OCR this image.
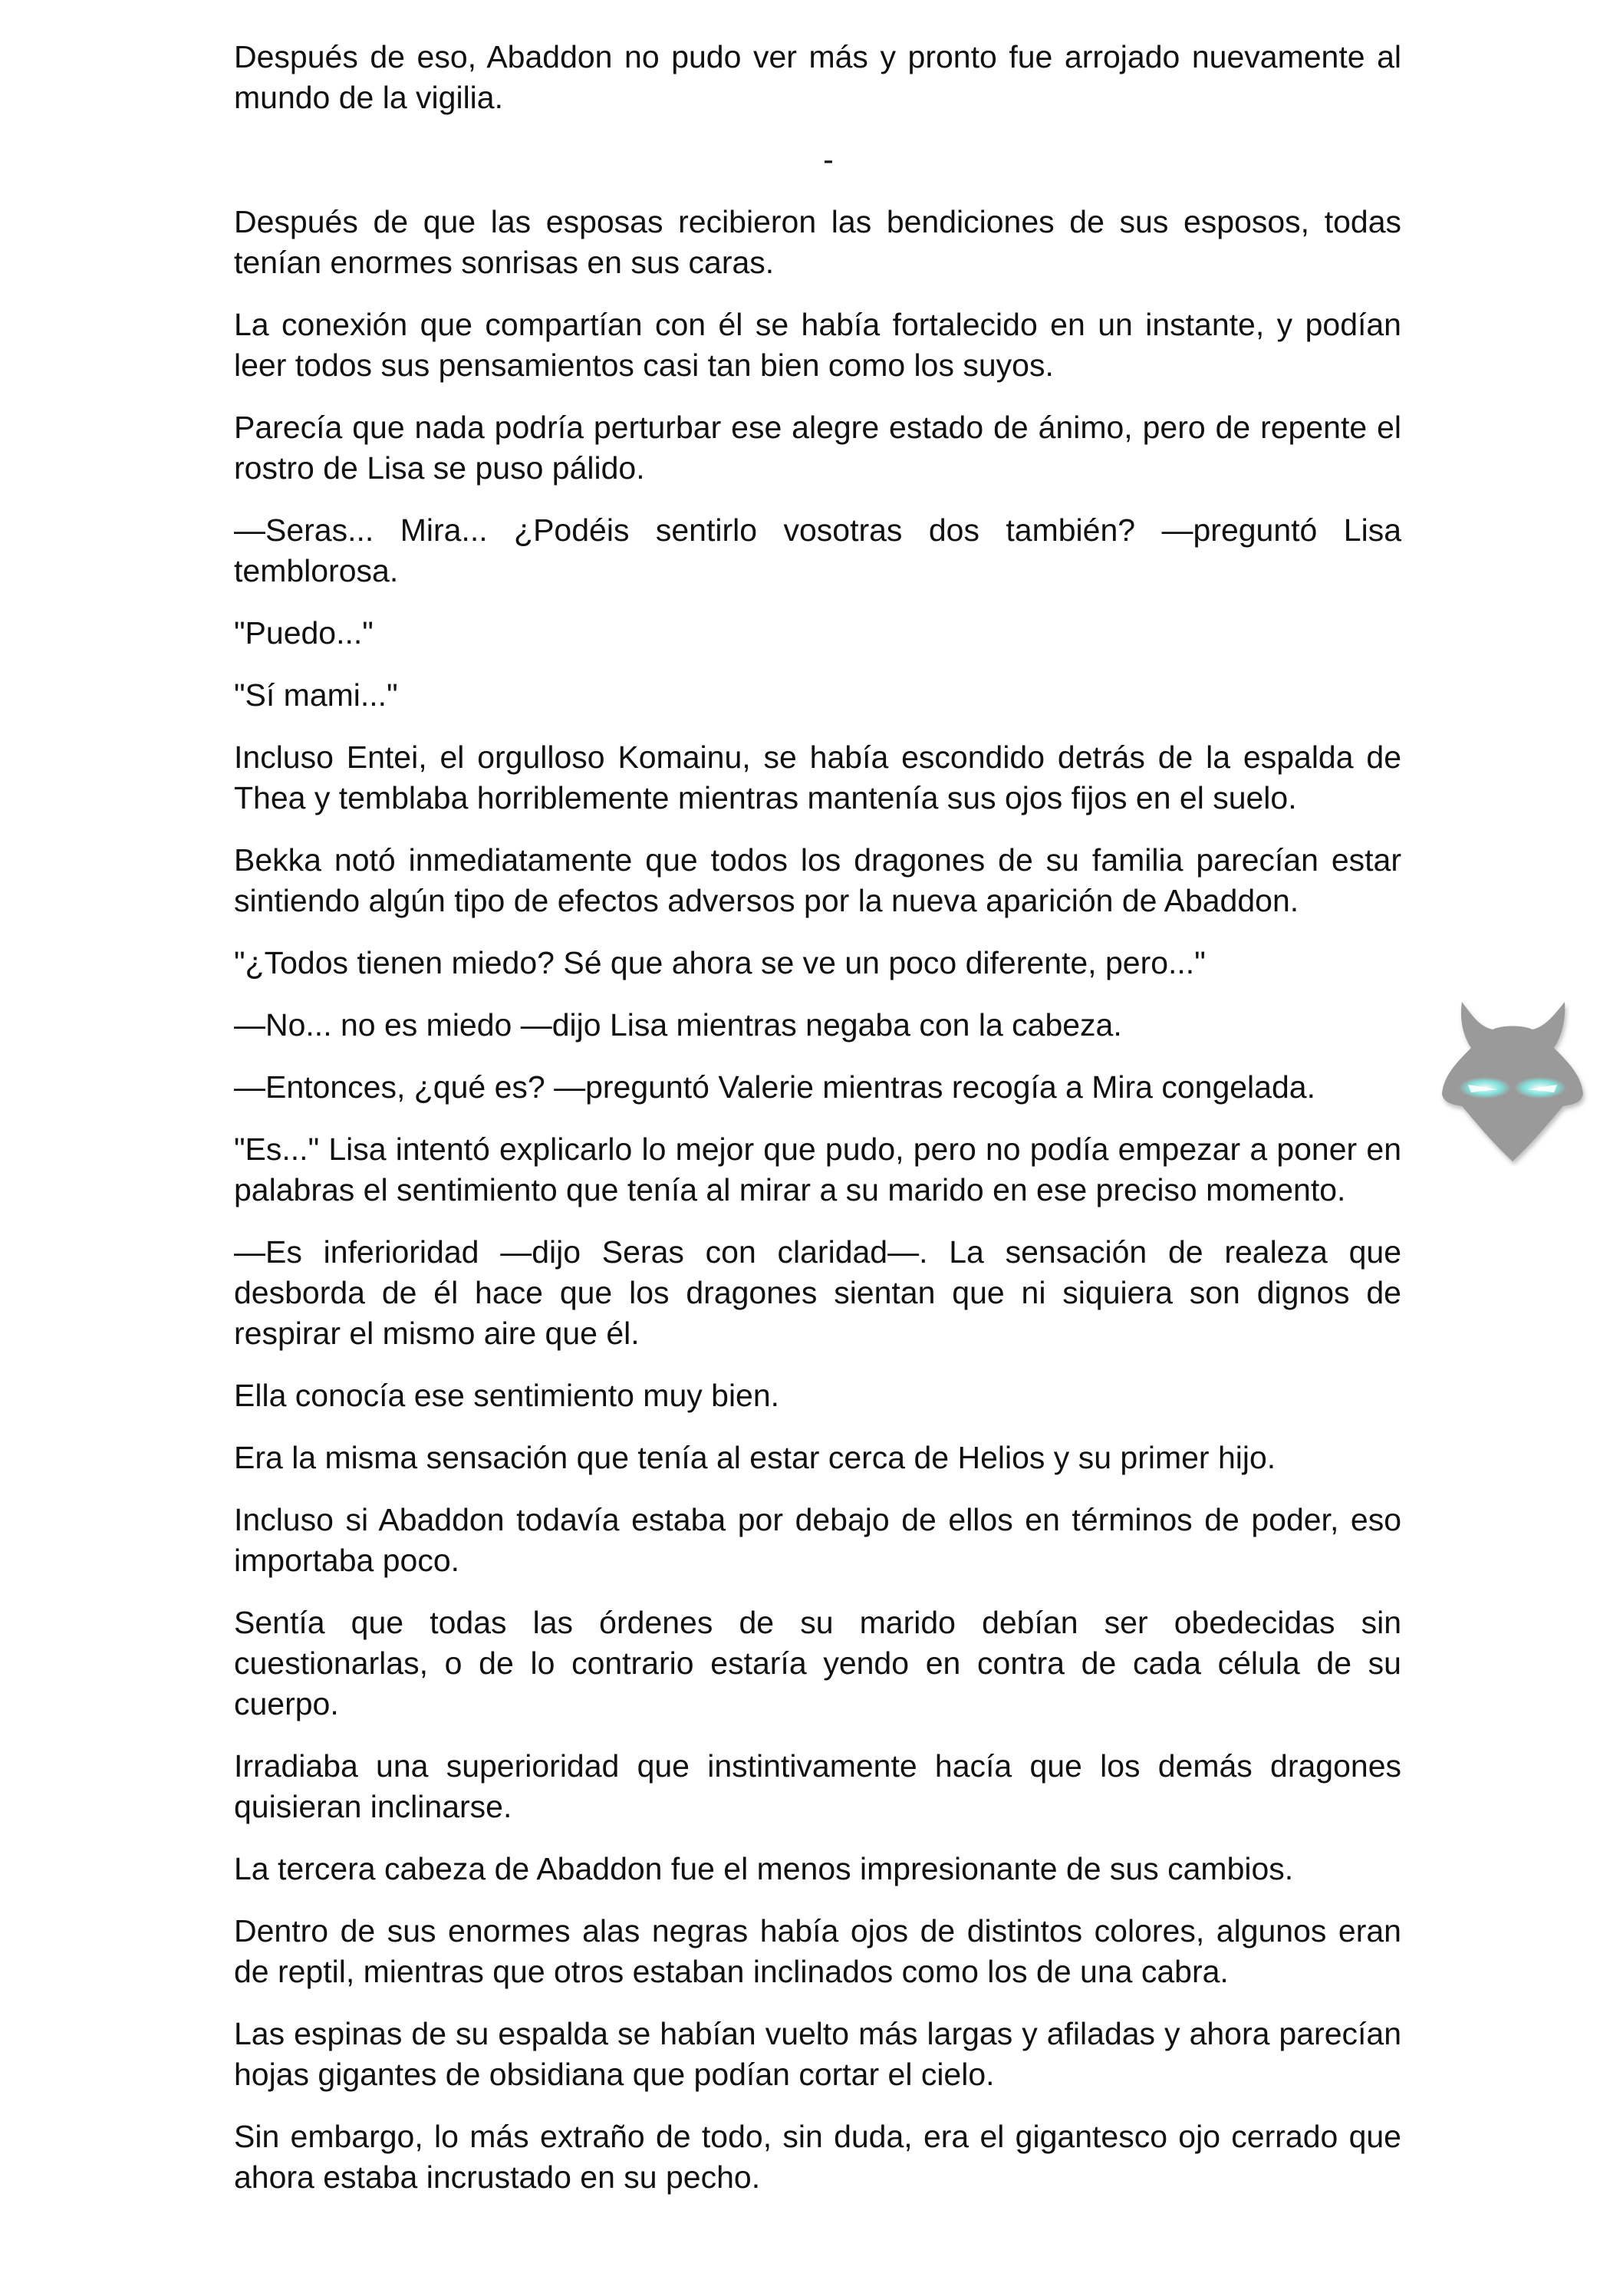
Después de eso, Abaddon no pudo ver más y pronto fue arrojado nuevamente al mundo de la vigilia.

-

Después de que las esposas recibieron las bendiciones de sus esposos, todas tenían enormes sonrisas en sus caras.

La conexión que compartían con él se había fortalecido en un instante, y podían leer todos sus pensamientos casi tan bien como los suyos.

Parecía que nada podría perturbar ese alegre estado de ánimo, pero de repente el rostro de Lisa se puso pálido.

—Seras... Mira... ¿Podéis sentirlo vosotras dos también? —preguntó Lisa temblorosa.

"Puedo..."

"Sí mami..."

Incluso Entei, el orgulloso Komainu, se había escondido detrás de la espalda de Thea y temblaba horriblemente mientras mantenía sus ojos fijos en el suelo.

Bekka notó inmediatamente que todos los dragones de su familia parecían estar sintiendo algún tipo de efectos adversos por la nueva aparición de Abaddon.

"¿Todos tienen miedo? Sé que ahora se ve un poco diferente, pero..."

—No... no es miedo —dijo Lisa mientras negaba con la cabeza.

—Entonces, ¿qué es? —preguntó Valerie mientras recogía a Mira congelada.

"Es..." Lisa intentó explicarlo lo mejor que pudo, pero no podía empezar a poner en palabras el sentimiento que tenía al mirar a su marido en ese preciso momento.

—Es inferioridad —dijo Seras con claridad—. La sensación de realeza que desborda de él hace que los dragones sientan que ni siquiera son dignos de respirar el mismo aire que él.

Ella conocía ese sentimiento muy bien.

Era la misma sensación que tenía al estar cerca de Helios y su primer hijo.

Incluso si Abaddon todavía estaba por debajo de ellos en términos de poder, eso importaba poco.

Sentía que todas las órdenes de su marido debían ser obedecidas sin cuestionarlas, o de lo contrario estaría yendo en contra de cada célula de su cuerpo.

Irradiaba una superioridad que instintivamente hacía que los demás dragones quisieran inclinarse.

La tercera cabeza de Abaddon fue el menos impresionante de sus cambios.

Dentro de sus enormes alas negras había ojos de distintos colores, algunos eran de reptil, mientras que otros estaban inclinados como los de una cabra.

Las espinas de su espalda se habían vuelto más largas y afiladas y ahora parecían hojas gigantes de obsidiana que podían cortar el cielo.

Sin embargo, lo más extraño de todo, sin duda, era el gigantesco ojo cerrado que ahora estaba incrustado en su pecho.
